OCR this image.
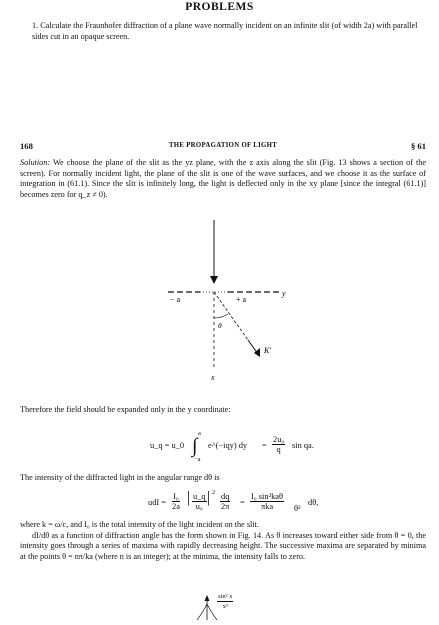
PROBLEMS
1. Calculate the Fraunhofer diffraction of a plane wave normally incident on an infinite slit (of width 2a) with parallel sides cut in an opaque screen.
168	THE PROPAGATION OF LIGHT	§ 61
Solution: We choose the plane of the slit as the yz plane, with the z axis along the slit (Fig. 13 shows a section of the screen). For normally incident light, the plane of the slit is one of the wave surfaces, and we choose it as the surface of integration in (61.1). Since the slit is infinitely long, the light is deflected only in the xy plane [since the integral (61.1)] becomes zero for q_z ≠ 0).
− a	+ a
y
x
θ
K′
Therefore the field should be expanded only in the y coordinate:
u_q = u_0
a
∫
−a
e^(−iqy) dy = $\frac{\text{2u₀}}{q}$ sin qa.
The intensity of the diffracted light in the angular range dθ is
udI = $\frac{\text{I₀}}{2a}$ | $\frac{u\_q}{\text{u₀}}$ | $2 \frac{dq}{2\pi}$ =
I₀ sin²kaθ
πka	θ²
dθ,
where k = ω/c, and I₀ is the total intensity of the light incident on the slit.
dI/dθ as a function of diffraction angle has the form shown in Fig. 14. As θ increases toward either side from θ = 0, the intensity goes through a series of maxima with rapidly decreasing height. The successive maxima are separated by minima at the points θ = nπ/ka (where n is an integer); at the minima, the intensity falls to zero.
$\frac{\text{sin² x}}{\text{x²}}$
